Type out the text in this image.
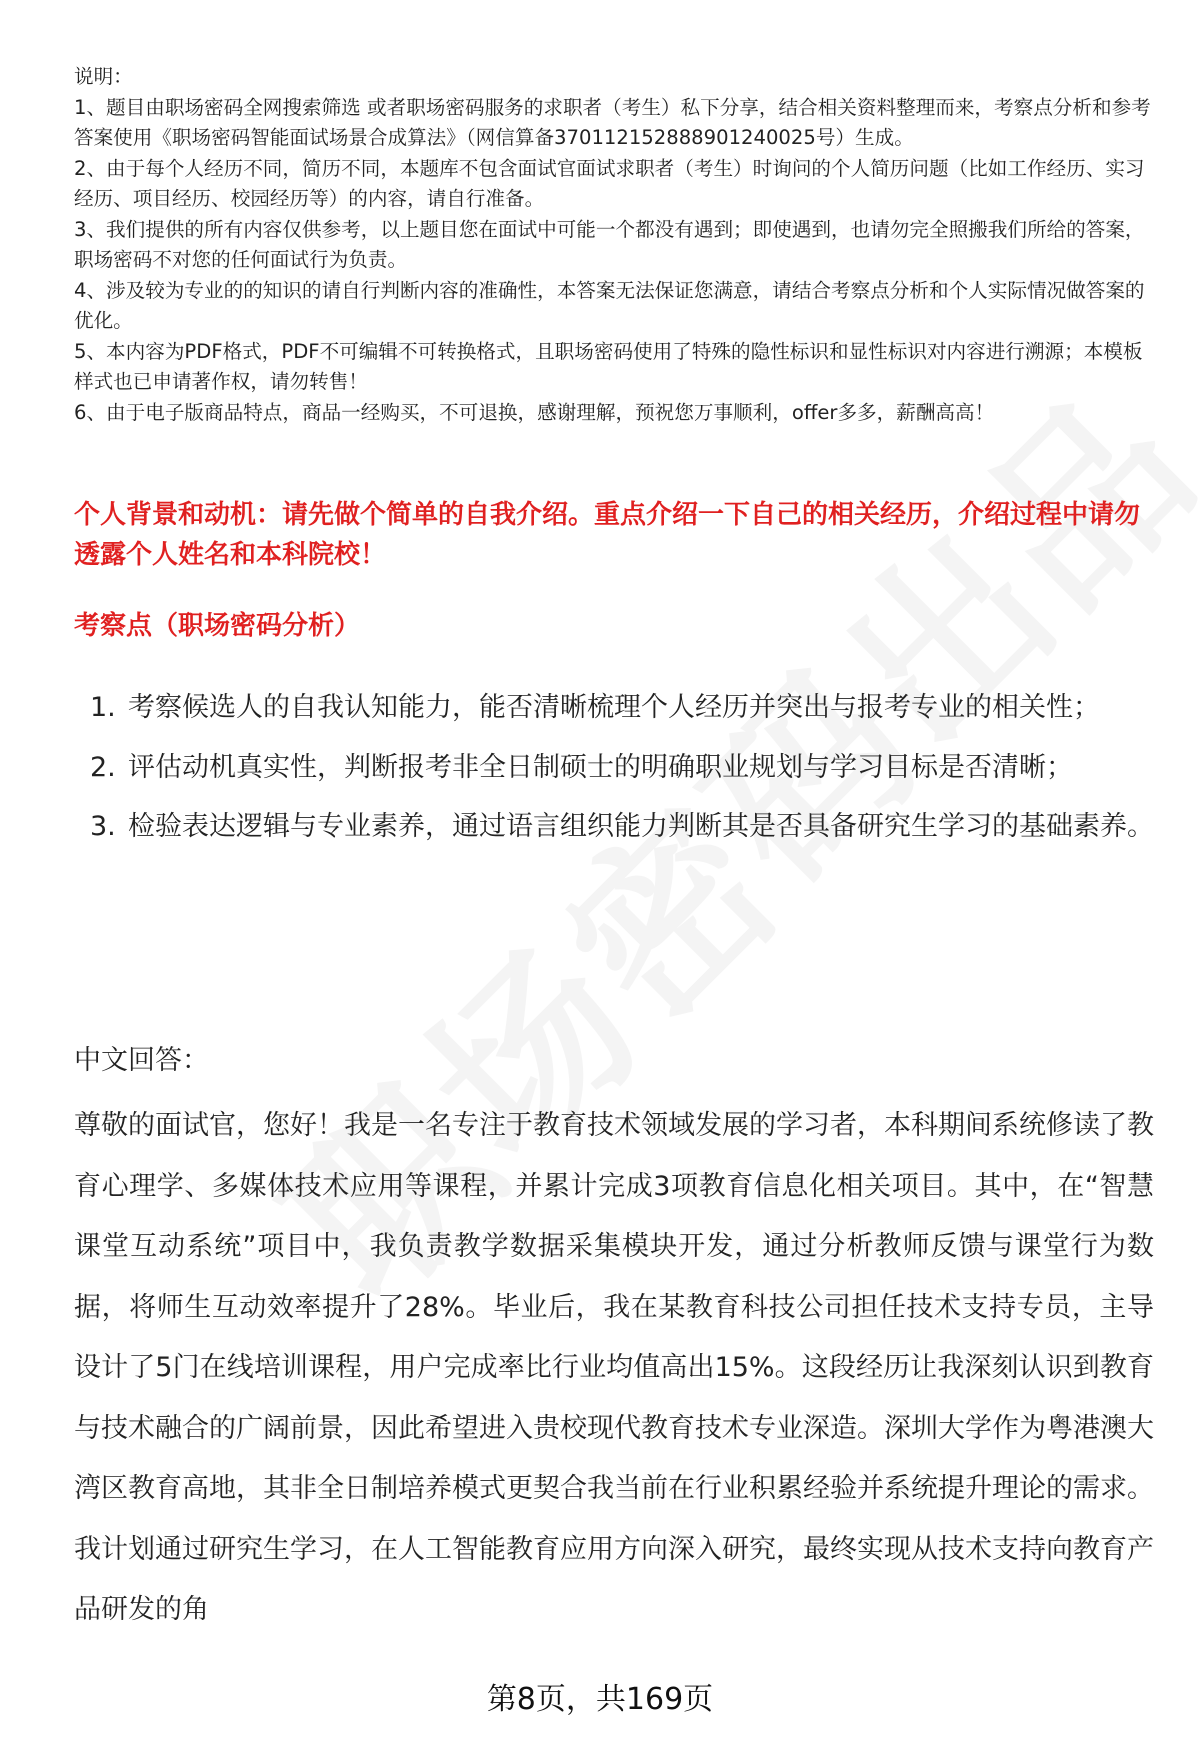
说明：

1、题目由职场密码全网搜索筛选 或者职场密码服务的求职者（考生）私下分享，结合相关资料整理而来，考察点分析和参考答案使用《职场密码智能面试场景合成算法》（网信算备370112152888901240025号）生成。

2、由于每个人经历不同，简历不同，本题库不包含面试官面试求职者（考生）时询问的个人简历问题（比如工作经历、实习经历、项目经历、校园经历等）的内容，请自行准备。

3、我们提供的所有内容仅供参考，以上题目您在面试中可能一个都没有遇到；即使遇到，也请勿完全照搬我们所给的答案，职场密码不对您的任何面试行为负责。

4、涉及较为专业的的知识的请自行判断内容的准确性，本答案无法保证您满意，请结合考察点分析和个人实际情况做答案的优化。

5、本内容为PDF格式，PDF不可编辑不可转换格式，且职场密码使用了特殊的隐性标识和显性标识对内容进行溯源；本模板样式也已申请著作权，请勿转售！

6、由于电子版商品特点，商品一经购买，不可退换，感谢理解，预祝您万事顺利，offer多多，薪酬高高！

个人背景和动机：请先做个简单的自我介绍。重点介绍一下自己的相关经历，介绍过程中请勿透露个人姓名和本科院校！
考察点（职场密码分析）
1. 考察候选人的自我认知能力，能否清晰梳理个人经历并突出与报考专业的相关性；
2. 评估动机真实性，判断报考非全日制硕士的明确职业规划与学习目标是否清晰；
3. 检验表达逻辑与专业素养，通过语言组织能力判断其是否具备研究生学习的基础素养。
中文回答：
尊敬的面试官，您好！我是一名专注于教育技术领域发展的学习者，本科期间系统修读了教育心理学、多媒体技术应用等课程，并累计完成3项教育信息化相关项目。其中，在“智慧课堂互动系统”项目中，我负责教学数据采集模块开发，通过分析教师反馈与课堂行为数据，将师生互动效率提升了28%。毕业后，我在某教育科技公司担任技术支持专员，主导设计了5门在线培训课程，用户完成率比行业均值高出15%。这段经历让我深刻认识到教育与技术融合的广阔前景，因此希望进入贵校现代教育技术专业深造。深圳大学作为粤港澳大湾区教育高地，其非全日制培养模式更契合我当前在行业积累经验并系统提升理论的需求。我计划通过研究生学习，在人工智能教育应用方向深入研究，最终实现从技术支持向教育产品研发的角
第8页，共169页
